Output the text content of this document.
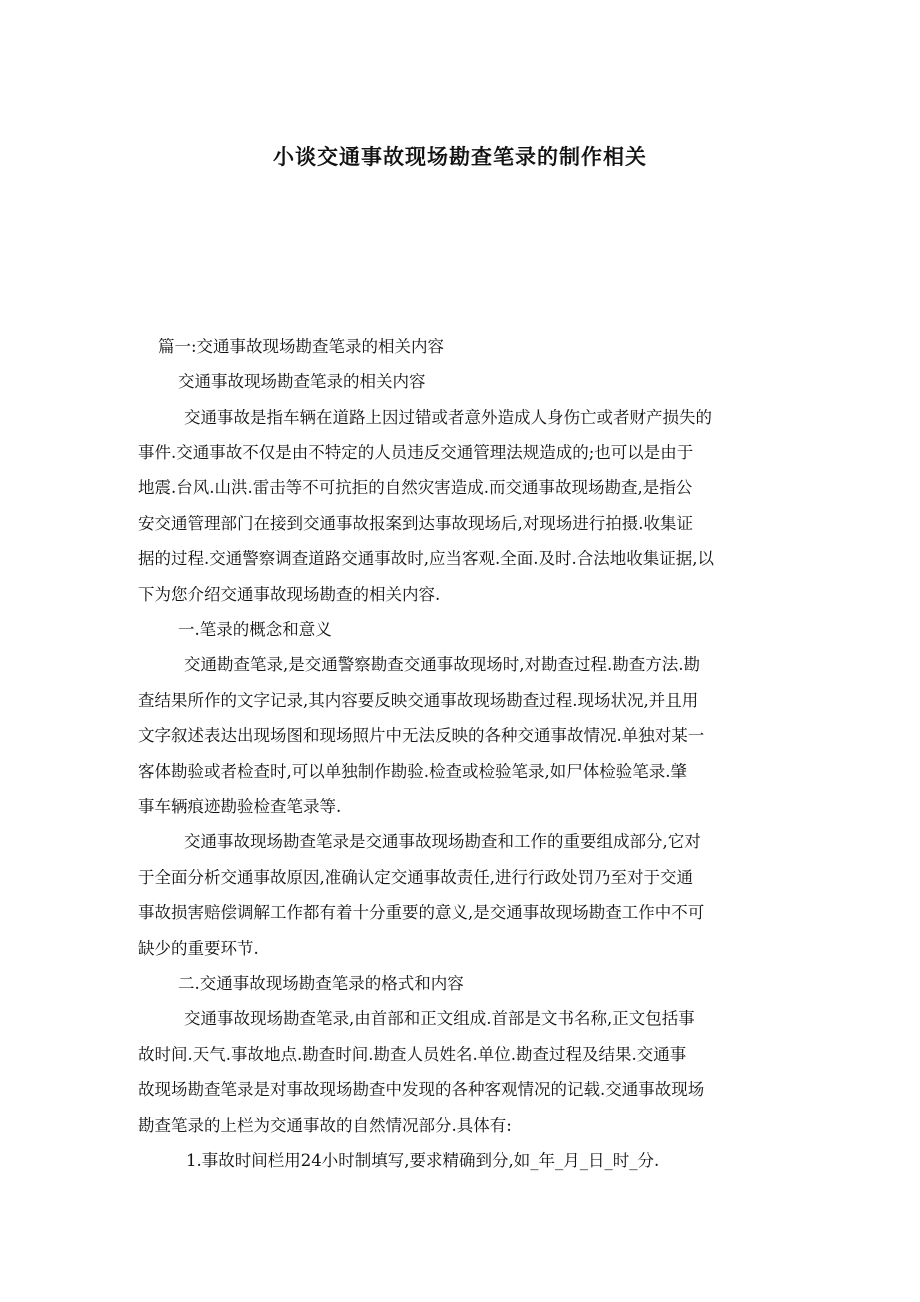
小谈交通事故现场勘查笔录的制作相关
篇一:交通事故现场勘查笔录的相关内容
交通事故现场勘查笔录的相关内容
交通事故是指车辆在道路上因过错或者意外造成人身伤亡或者财产损失的
事件.交通事故不仅是由不特定的人员违反交通管理法规造成的;也可以是由于
地震.台风.山洪.雷击等不可抗拒的自然灾害造成.而交通事故现场勘查,是指公
安交通管理部门在接到交通事故报案到达事故现场后,对现场进行拍摄.收集证
据的过程.交通警察调查道路交通事故时,应当客观.全面.及时.合法地收集证据,以
下为您介绍交通事故现场勘查的相关内容.
一.笔录的概念和意义
交通勘查笔录,是交通警察勘查交通事故现场时,对勘查过程.勘查方法.勘
查结果所作的文字记录,其内容要反映交通事故现场勘查过程.现场状况,并且用
文字叙述表达出现场图和现场照片中无法反映的各种交通事故情况.单独对某一
客体勘验或者检查时,可以单独制作勘验.检查或检验笔录,如尸体检验笔录.肇
事车辆痕迹勘验检查笔录等.
交通事故现场勘查笔录是交通事故现场勘查和工作的重要组成部分,它对
于全面分析交通事故原因,准确认定交通事故责任,进行行政处罚乃至对于交通
事故损害赔偿调解工作都有着十分重要的意义,是交通事故现场勘查工作中不可
缺少的重要环节.
二.交通事故现场勘查笔录的格式和内容
交通事故现场勘查笔录,由首部和正文组成.首部是文书名称,正文包括事
故时间.天气.事故地点.勘查时间.勘查人员姓名.单位.勘查过程及结果.交通事
故现场勘查笔录是对事故现场勘查中发现的各种客观情况的记载.交通事故现场
勘查笔录的上栏为交通事故的自然情况部分.具体有:
1.事故时间栏用24小时制填写,要求精确到分,如_年_月_日_时_分.
